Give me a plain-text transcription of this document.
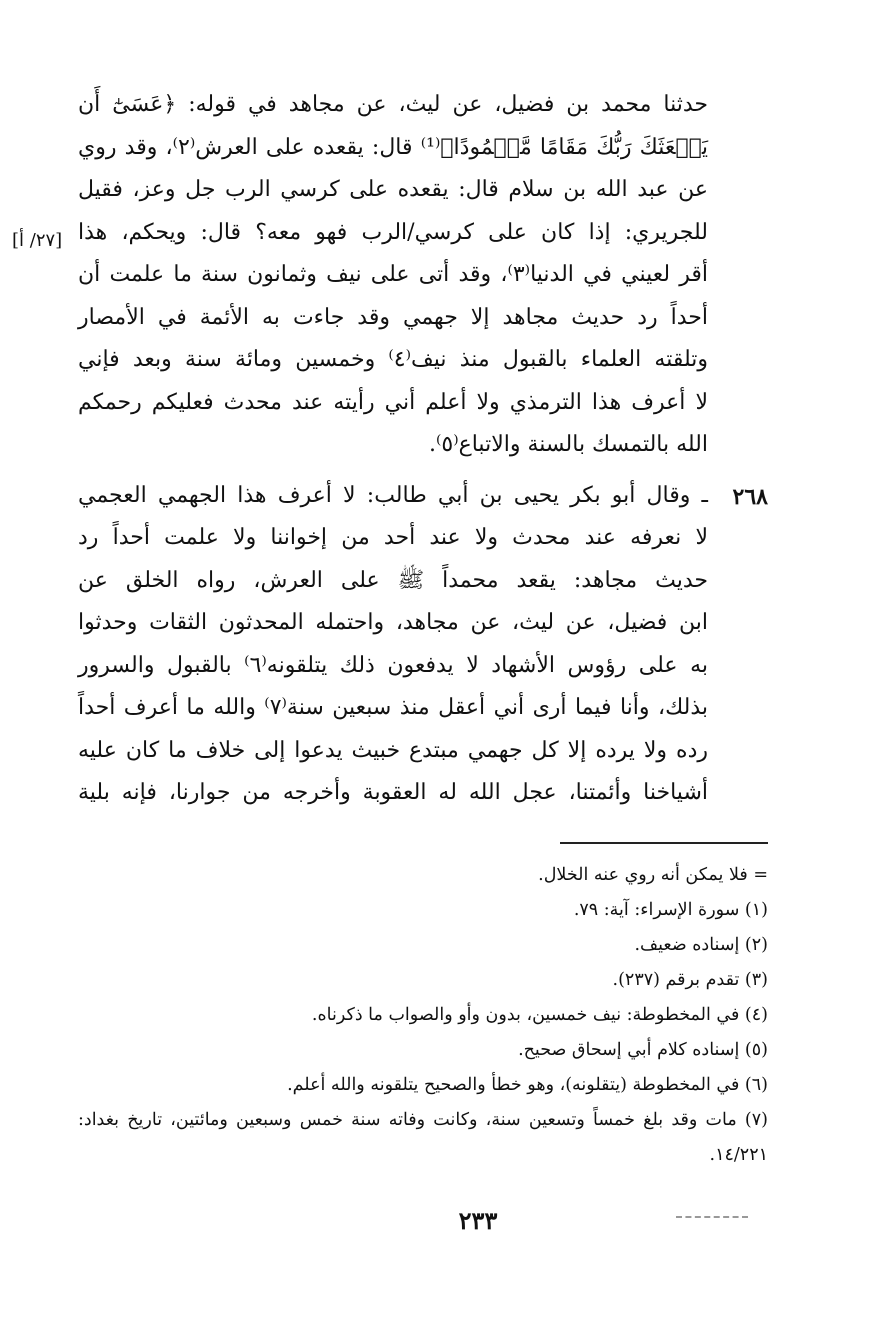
حدثنا محمد بن فضيل، عن ليث، عن مجاهد في قوله: ﴿عَسَىٰٓ أَن
يَبۡعَثَكَ رَبُّكَ مَقَامًا مَّحۡمُودًا﴾⁽¹⁾ قال: يقعده على العرش⁽٢⁾، وقد روي
عن عبد الله بن سلام قال: يقعده على كرسي الرب جل وعز، فقيل
للجريري: إذا كان على كرسي/الرب فهو معه؟ قال: ويحكم، هذا
أقر لعيني في الدنيا⁽٣⁾، وقد أتى على نيف وثمانون سنة ما علمت أن
أحداً رد حديث مجاهد إلا جهمي وقد جاءت به الأئمة في الأمصار
وتلقته العلماء بالقبول منذ نيف⁽٤⁾ وخمسين ومائة سنة وبعد فإني
لا أعرف هذا الترمذي ولا أعلم أني رأيته عند محدث فعليكم رحمكم
الله بالتمسك بالسنة والاتباع⁽٥⁾.
ـ وقال أبو بكر يحيى بن أبي طالب: لا أعرف هذا الجهمي العجمي
لا نعرفه عند محدث ولا عند أحد من إخواننا ولا علمت أحداً رد
حديث مجاهد: يقعد محمداً ﷺ على العرش، رواه الخلق عن
ابن فضيل، عن ليث، عن مجاهد، واحتمله المحدثون الثقات وحدثوا
به على رؤوس الأشهاد لا يدفعون ذلك يتلقونه⁽٦⁾ بالقبول والسرور
بذلك، وأنا فيما أرى أني أعقل منذ سبعين سنة⁽٧⁾ والله ما أعرف أحداً
رده ولا يرده إلا كل جهمي مبتدع خبيث يدعوا إلى خلاف ما كان عليه
أشياخنا وأئمتنا، عجل الله له العقوبة وأخرجه من جوارنا، فإنه بلية
[٢٧/ أ]
٢٦٨
= فلا يمكن أنه روي عنه الخلال.
(١) سورة الإسراء: آية: ٧٩.
(٢) إسناده ضعيف.
(٣) تقدم برقم (٢٣٧).
(٤) في المخطوطة: نيف خمسين، بدون وأو والصواب ما ذكرناه.
(٥) إسناده كلام أبي إسحاق صحيح.
(٦) في المخطوطة (يتقلونه)، وهو خطأ والصحيح يتلقونه والله أعلم.
(٧) مات وقد بلغ خمساً وتسعين سنة، وكانت وفاته سنة خمس وسبعين ومائتين، تاريخ بغداد: ١٤/٢٢١.
٢٣٣
